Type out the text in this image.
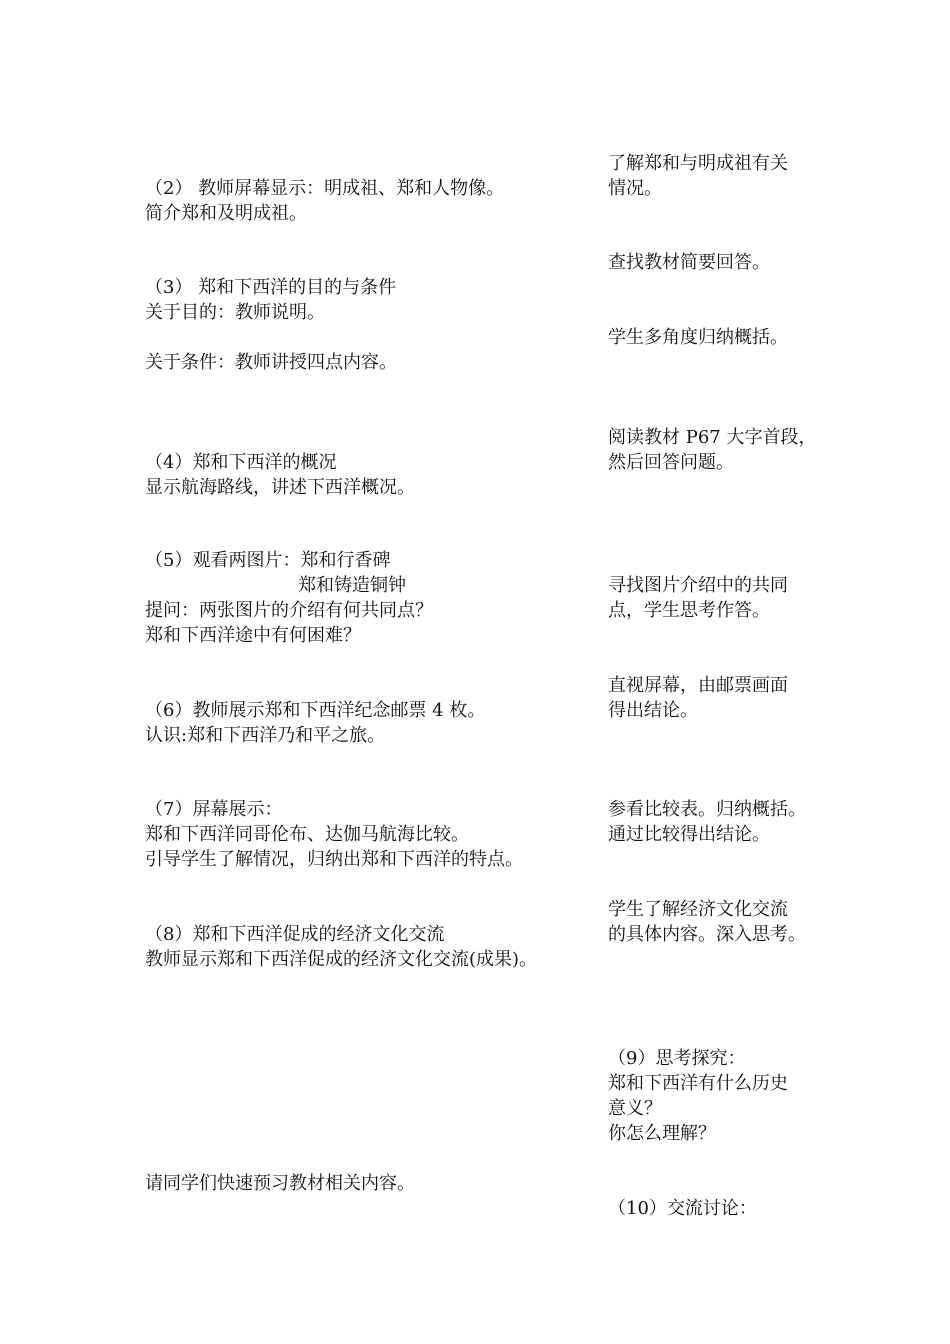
（2） 教师屏幕显示：明成祖、郑和人物像。

简介郑和及明成祖。

（3） 郑和下西洋的目的与条件

关于目的：教师说明。

关于条件：教师讲授四点内容。

（4）郑和下西洋的概况

显示航海路线，讲述下西洋概况。

（5）观看两图片：郑和行香碑

郑和铸造铜钟

提问：两张图片的介绍有何共同点？

郑和下西洋途中有何困难？

（6）教师展示郑和下西洋纪念邮票 4 枚。

认识:郑和下西洋乃和平之旅。

（7）屏幕展示：

郑和下西洋同哥伦布、达伽马航海比较。

引导学生了解情况，归纳出郑和下西洋的特点。

（8）郑和下西洋促成的经济文化交流

教师显示郑和下西洋促成的经济文化交流(成果)。

请同学们快速预习教材相关内容。

了解郑和与明成祖有关

情况。

查找教材简要回答。

学生多角度归纳概括。

阅读教材 P67 大字首段，

然后回答问题。

寻找图片介绍中的共同

点，学生思考作答。

直视屏幕，由邮票画面

得出结论。

参看比较表。归纳概括。

通过比较得出结论。

学生了解经济文化交流

的具体内容。深入思考。

（9）思考探究：

郑和下西洋有什么历史

意义？

你怎么理解？

（10）交流讨论：
